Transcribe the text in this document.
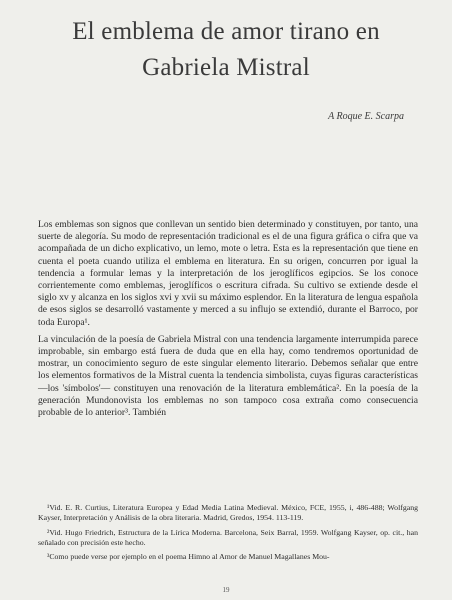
El emblema de amor tirano en
Gabriela Mistral
A Roque E. Scarpa

Los emblemas son signos que conllevan un sentido bien determinado y constituyen, por tanto, una suerte de alegoría. Su modo de representación tradicional es el de una figura gráfica o cifra que va acompañada de un dicho explicativo, un lemo, mote o letra. Esta es la representación que tiene en cuenta el poeta cuando utiliza el emblema en literatura. En su origen, concurren por igual la tendencia a formular lemas y la interpretación de los jeroglíficos egipcios. Se los conoce corrientemente como emblemas, jeroglíficos o escritura cifrada. Su cultivo se extiende desde el siglo xv y alcanza en los siglos xvi y xvii su máximo esplendor. En la literatura de lengua española de esos siglos se desarrolló vastamente y merced a su influjo se extendió, durante el Barroco, por toda Europa¹.

La vinculación de la poesía de Gabriela Mistral con una tendencia largamente interrumpida parece improbable, sin embargo está fuera de duda que en ella hay, como tendremos oportunidad de mostrar, un conocimiento seguro de este singular elemento literario. Debemos señalar que entre los elementos formativos de la Mistral cuenta la tendencia simbolista, cuyas figuras características —los 'símbolos'— constituyen una renovación de la literatura emblemática². En la poesía de la generación Mundonovista los emblemas no son tampoco cosa extraña como consecuencia probable de lo anterior³. También

¹Vid. E. R. Curtius, Literatura Europea y Edad Media Latina Medieval. México, FCE, 1955, i, 486-488; Wolfgang Kayser, Interpretación y Análisis de la obra literaria. Madrid, Gredos, 1954. 113-119.

²Vid. Hugo Friedrich, Estructura de la Lírica Moderna. Barcelona, Seix Barral, 1959. Wolfgang Kayser, op. cit., han señalado con precisión este hecho.

³Como puede verse por ejemplo en el poema Himno al Amor de Manuel Magallanes Mou-

19
